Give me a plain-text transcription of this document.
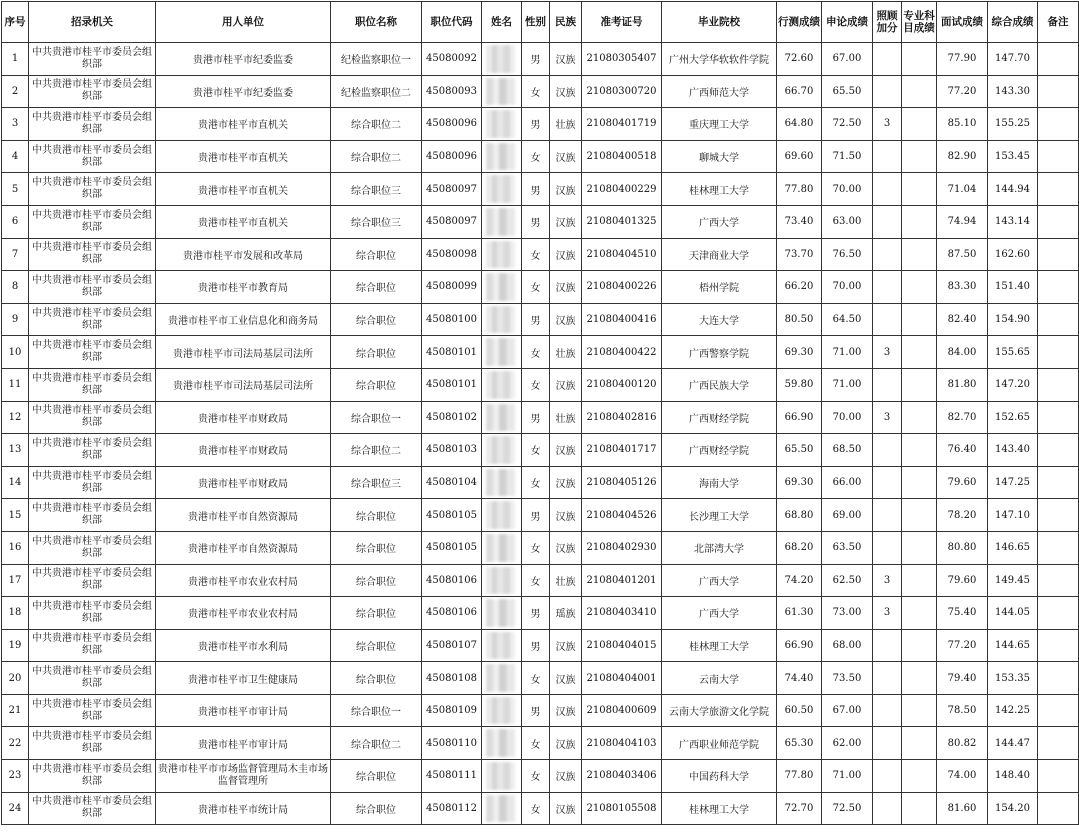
序号	招录机关	用人单位	职位名称	职位代码	姓名	性别	民族	准考证号	毕业院校	行测成绩	申论成绩	照顾加分	专业科目成绩	面试成绩	综合成绩	备注
1	中共贵港市桂平市委员会组织部	贵港市桂平市纪委监委	纪检监察职位一	45080092		男	汉族	21080305407	广州大学华软软件学院	72.60	67.00			77.90	147.70	
2	中共贵港市桂平市委员会组织部	贵港市桂平市纪委监委	纪检监察职位二	45080093		女	汉族	21080300720	广西师范大学	66.70	65.50			77.20	143.30	
3	中共贵港市桂平市委员会组织部	贵港市桂平市直机关	综合职位二	45080096		男	壮族	21080401719	重庆理工大学	64.80	72.50	3		85.10	155.25	
4	中共贵港市桂平市委员会组织部	贵港市桂平市直机关	综合职位二	45080096		女	汉族	21080400518	聊城大学	69.60	71.50			82.90	153.45	
5	中共贵港市桂平市委员会组织部	贵港市桂平市直机关	综合职位三	45080097		男	汉族	21080400229	桂林理工大学	77.80	70.00			71.04	144.94	
6	中共贵港市桂平市委员会组织部	贵港市桂平市直机关	综合职位三	45080097		男	汉族	21080401325	广西大学	73.40	63.00			74.94	143.14	
7	中共贵港市桂平市委员会组织部	贵港市桂平市发展和改革局	综合职位	45080098		女	汉族	21080404510	天津商业大学	73.70	76.50			87.50	162.60	
8	中共贵港市桂平市委员会组织部	贵港市桂平市教育局	综合职位	45080099		女	汉族	21080400226	梧州学院	66.20	70.00			83.30	151.40	
9	中共贵港市桂平市委员会组织部	贵港市桂平市工业信息化和商务局	综合职位	45080100		男	汉族	21080400416	大连大学	80.50	64.50			82.40	154.90	
10	中共贵港市桂平市委员会组织部	贵港市桂平市司法局基层司法所	综合职位	45080101		女	壮族	21080400422	广西警察学院	69.30	71.00	3		84.00	155.65	
11	中共贵港市桂平市委员会组织部	贵港市桂平市司法局基层司法所	综合职位	45080101		女	汉族	21080400120	广西民族大学	59.80	71.00			81.80	147.20	
12	中共贵港市桂平市委员会组织部	贵港市桂平市财政局	综合职位一	45080102		男	壮族	21080402816	广西财经学院	66.90	70.00	3		82.70	152.65	
13	中共贵港市桂平市委员会组织部	贵港市桂平市财政局	综合职位二	45080103		女	汉族	21080401717	广西财经学院	65.50	68.50			76.40	143.40	
14	中共贵港市桂平市委员会组织部	贵港市桂平市财政局	综合职位三	45080104		女	汉族	21080405126	海南大学	69.30	66.00			79.60	147.25	
15	中共贵港市桂平市委员会组织部	贵港市桂平市自然资源局	综合职位	45080105		男	汉族	21080404526	长沙理工大学	68.80	69.00			78.20	147.10	
16	中共贵港市桂平市委员会组织部	贵港市桂平市自然资源局	综合职位	45080105		女	汉族	21080402930	北部湾大学	68.20	63.50			80.80	146.65	
17	中共贵港市桂平市委员会组织部	贵港市桂平市农业农村局	综合职位	45080106		女	壮族	21080401201	广西大学	74.20	62.50	3		79.60	149.45	
18	中共贵港市桂平市委员会组织部	贵港市桂平市农业农村局	综合职位	45080106		男	瑶族	21080403410	广西大学	61.30	73.00	3		75.40	144.05	
19	中共贵港市桂平市委员会组织部	贵港市桂平市水利局	综合职位	45080107		男	汉族	21080404015	桂林理工大学	66.90	68.00			77.20	144.65	
20	中共贵港市桂平市委员会组织部	贵港市桂平市卫生健康局	综合职位	45080108		女	汉族	21080404001	云南大学	74.40	73.50			79.40	153.35	
21	中共贵港市桂平市委员会组织部	贵港市桂平市审计局	综合职位一	45080109		男	汉族	21080400609	云南大学旅游文化学院	60.50	67.00			78.50	142.25	
22	中共贵港市桂平市委员会组织部	贵港市桂平市审计局	综合职位二	45080110		女	汉族	21080404103	广西职业师范学院	65.30	62.00			80.82	144.47	
23	中共贵港市桂平市委员会组织部	贵港市桂平市市场监督管理局木圭市场监督管理所	综合职位	45080111		女	汉族	21080403406	中国药科大学	77.80	71.00			74.00	148.40	
24	中共贵港市桂平市委员会组织部	贵港市桂平市统计局	综合职位	45080112		女	汉族	21080105508	桂林理工大学	72.70	72.50			81.60	154.20	
